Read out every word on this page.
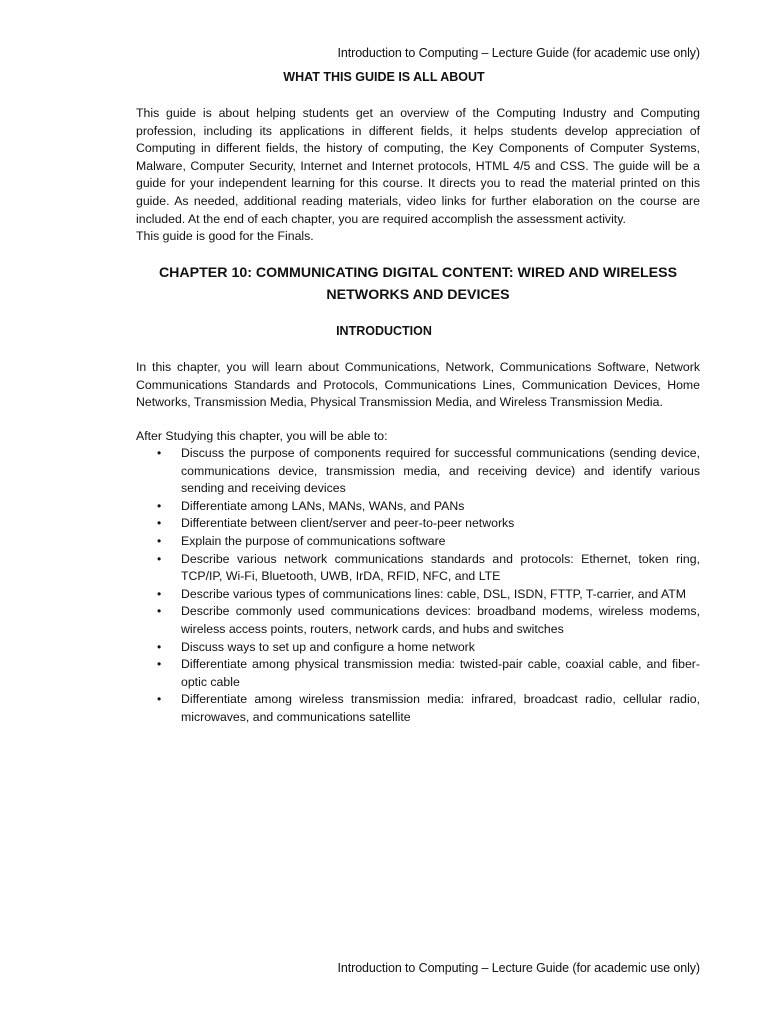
Introduction to Computing – Lecture Guide (for academic use only)
WHAT THIS GUIDE IS ALL ABOUT

This guide is about helping students get an overview of the Computing Industry and Computing profession, including its applications in different fields, it helps students develop appreciation of Computing in different fields, the history of computing, the Key Components of Computer Systems, Malware, Computer Security, Internet and Internet protocols, HTML 4/5 and CSS. The guide will be a guide for your independent learning for this course. It directs you to read the material printed on this guide. As needed, additional reading materials, video links for further elaboration on the course are included. At the end of each chapter, you are required accomplish the assessment activity.

This guide is good for the Finals.

CHAPTER 10: COMMUNICATING DIGITAL CONTENT: WIRED AND WIRELESS NETWORKS AND DEVICES
INTRODUCTION

In this chapter, you will learn about Communications, Network, Communications Software, Network Communications Standards and Protocols, Communications Lines, Communication Devices, Home Networks, Transmission Media, Physical Transmission Media, and Wireless Transmission Media.

After Studying this chapter, you will be able to:
• Discuss the purpose of components required for successful communications (sending device, communications device, transmission media, and receiving device) and identify various sending and receiving devices
• Differentiate among LANs, MANs, WANs, and PANs
• Differentiate between client/server and peer-to-peer networks
• Explain the purpose of communications software
• Describe various network communications standards and protocols: Ethernet, token ring, TCP/IP, Wi-Fi, Bluetooth, UWB, IrDA, RFID, NFC, and LTE
• Describe various types of communications lines: cable, DSL, ISDN, FTTP, T-carrier, and ATM
• Describe commonly used communications devices: broadband modems, wireless modems, wireless access points, routers, network cards, and hubs and switches
• Discuss ways to set up and configure a home network
• Differentiate among physical transmission media: twisted-pair cable, coaxial cable, and fiber-optic cable
• Differentiate among wireless transmission media: infrared, broadcast radio, cellular radio, microwaves, and communications satellite
Introduction to Computing – Lecture Guide (for academic use only)
